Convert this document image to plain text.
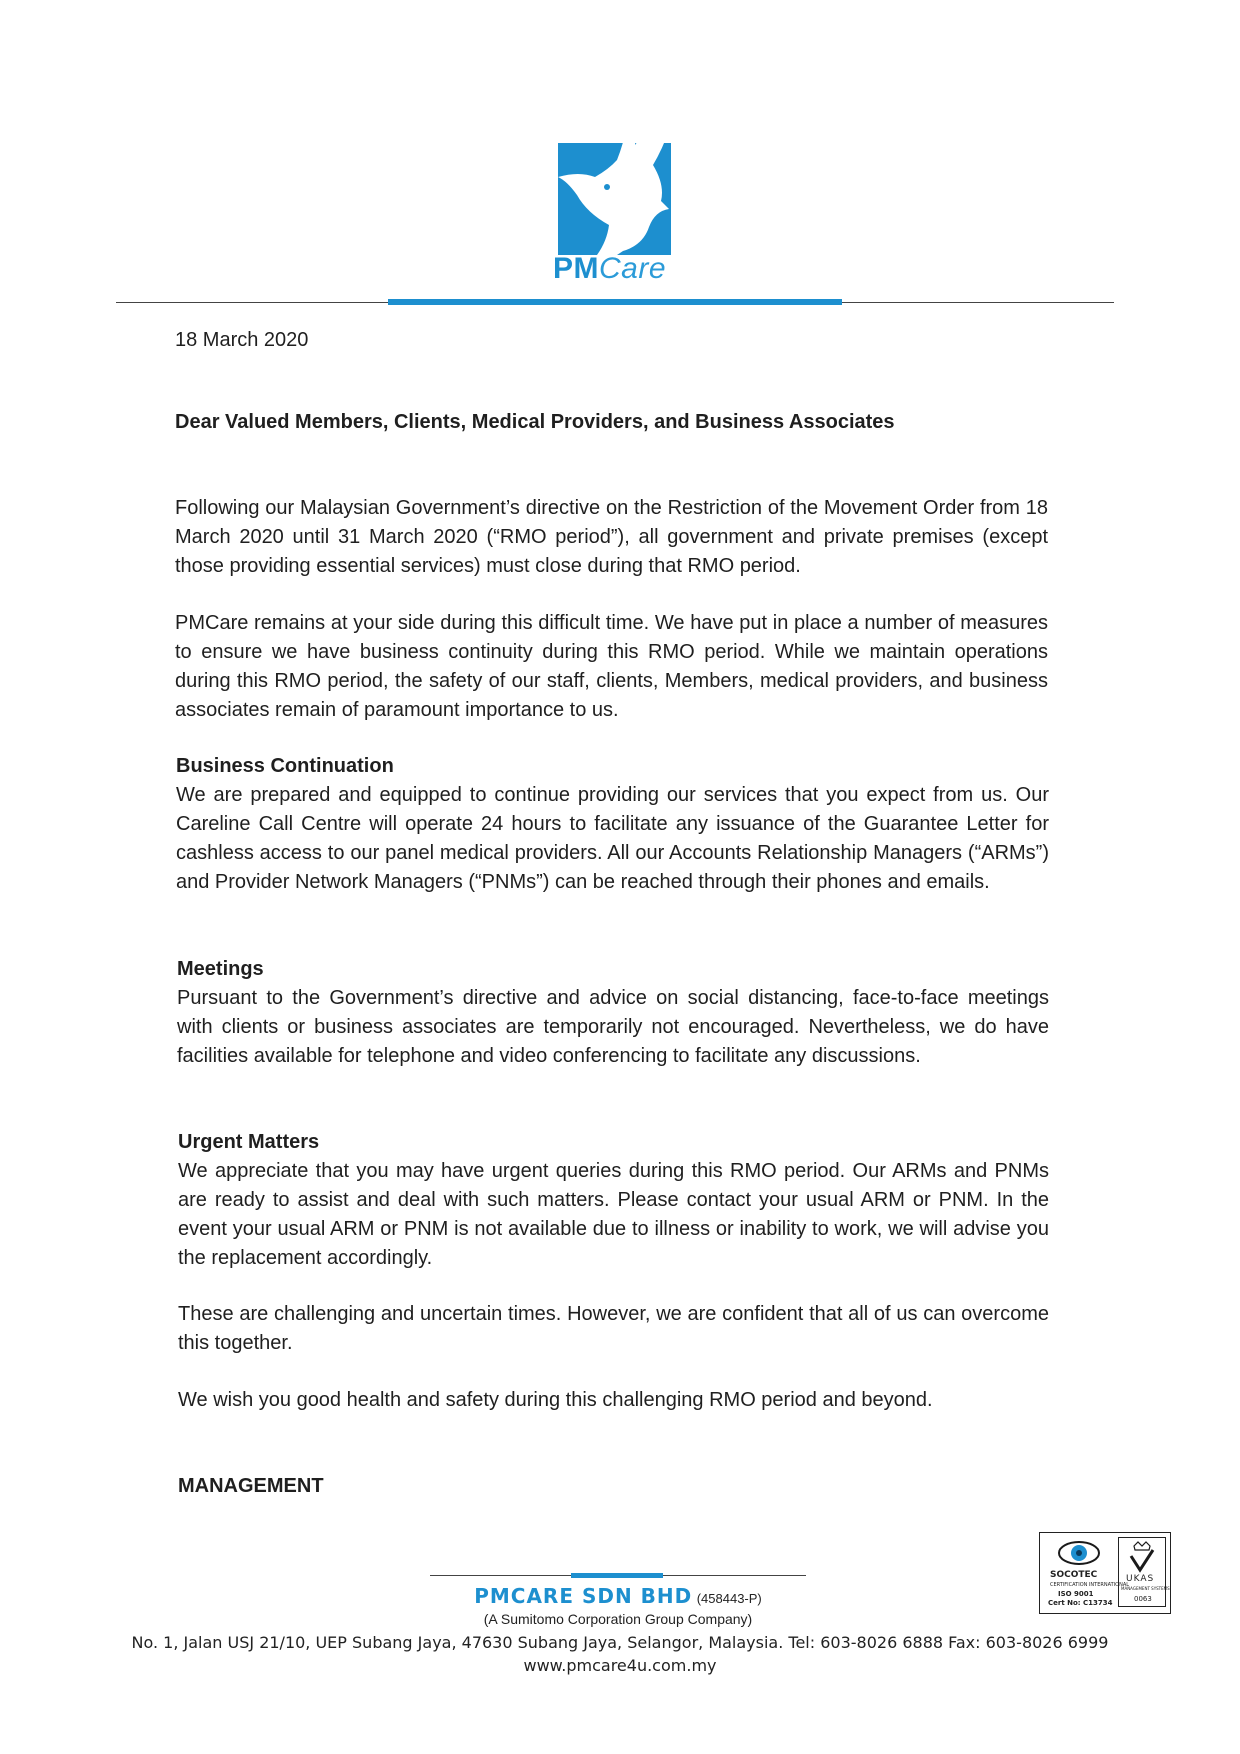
PMCare
18 March 2020
Dear Valued Members, Clients, Medical Providers, and Business Associates

Following our Malaysian Government’s directive on the Restriction of the Movement Order from 18 March 2020 until 31 March 2020 (“RMO period”), all government and private premises (except those providing essential services) must close during that RMO period.

PMCare remains at your side during this difficult time. We have put in place a number of measures to ensure we have business continuity during this RMO period. While we maintain operations during this RMO period, the safety of our staff, clients, Members, medical providers, and business associates remain of paramount importance to us.

Business Continuation

We are prepared and equipped to continue providing our services that you expect from us. Our Careline Call Centre will operate 24 hours to facilitate any issuance of the Guarantee Letter for cashless access to our panel medical providers. All our Accounts Relationship Managers (“ARMs”) and Provider Network Managers (“PNMs”) can be reached through their phones and emails.

Meetings

Pursuant to the Government’s directive and advice on social distancing, face-to-face meetings with clients or business associates are temporarily not encouraged. Nevertheless, we do have facilities available for telephone and video conferencing to facilitate any discussions.

Urgent Matters

We appreciate that you may have urgent queries during this RMO period. Our ARMs and PNMs are ready to assist and deal with such matters. Please contact your usual ARM or PNM. In the event your usual ARM or PNM is not available due to illness or inability to work, we will advise you the replacement accordingly.

These are challenging and uncertain times. However, we are confident that all of us can overcome this together.

We wish you good health and safety during this challenging RMO period and beyond.

MANAGEMENT
SOCOTEC
CERTIFICATION INTERNATIONAL
ISO 9001
Cert No: C13734
UKAS
MANAGEMENT SYSTEMS
0063
PMCARE SDN BHD (458443-P)
(A Sumitomo Corporation Group Company)
No. 1, Jalan USJ 21/10, UEP Subang Jaya, 47630 Subang Jaya, Selangor, Malaysia. Tel: 603-8026 6888 Fax: 603-8026 6999
www.pmcare4u.com.my
